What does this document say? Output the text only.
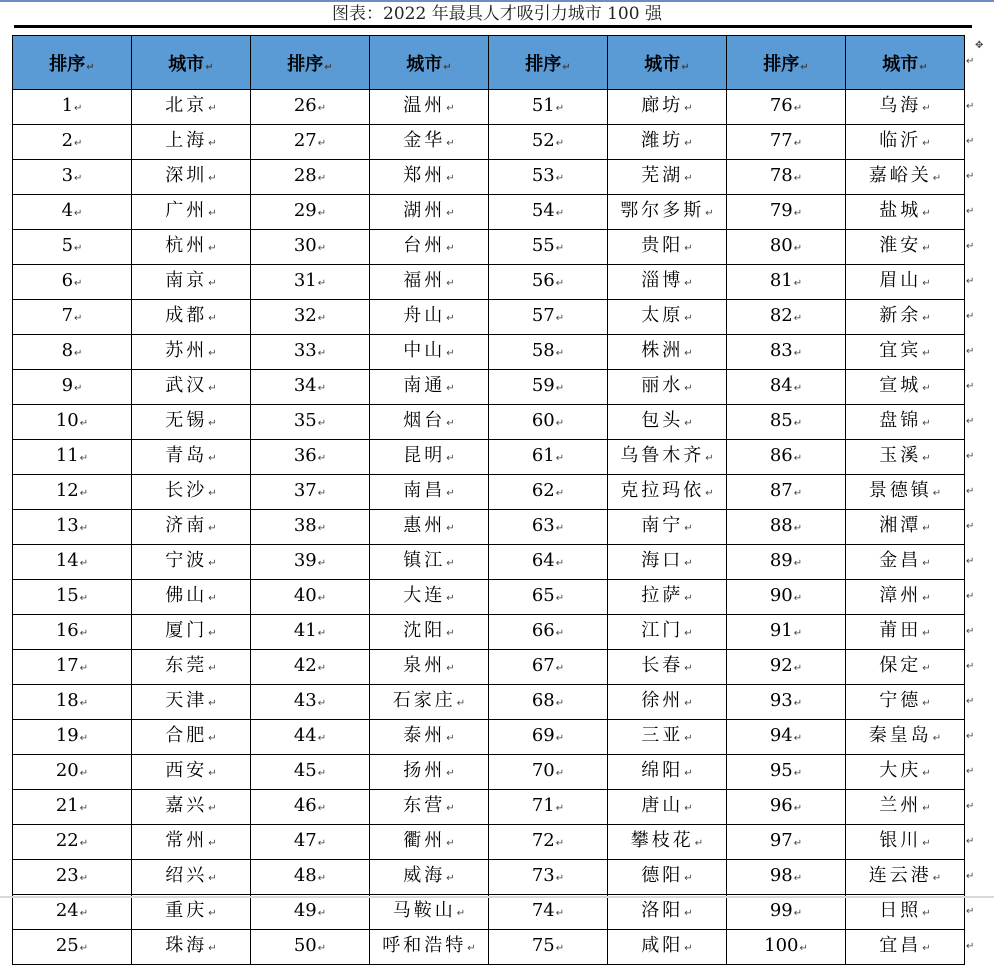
图表：2022 年最具人才吸引力城市 100 强
✥
排序↵	城市↵	排序↵	城市↵	排序↵	城市↵	排序↵	城市↵
1↵	北京↵	26↵	温州↵	51↵	廊坊↵	76↵	乌海↵
2↵	上海↵	27↵	金华↵	52↵	潍坊↵	77↵	临沂↵
3↵	深圳↵	28↵	郑州↵	53↵	芜湖↵	78↵	嘉峪关↵
4↵	广州↵	29↵	湖州↵	54↵	鄂尔多斯↵	79↵	盐城↵
5↵	杭州↵	30↵	台州↵	55↵	贵阳↵	80↵	淮安↵
6↵	南京↵	31↵	福州↵	56↵	淄博↵	81↵	眉山↵
7↵	成都↵	32↵	舟山↵	57↵	太原↵	82↵	新余↵
8↵	苏州↵	33↵	中山↵	58↵	株洲↵	83↵	宜宾↵
9↵	武汉↵	34↵	南通↵	59↵	丽水↵	84↵	宣城↵
10↵	无锡↵	35↵	烟台↵	60↵	包头↵	85↵	盘锦↵
11↵	青岛↵	36↵	昆明↵	61↵	乌鲁木齐↵	86↵	玉溪↵
12↵	长沙↵	37↵	南昌↵	62↵	克拉玛依↵	87↵	景德镇↵
13↵	济南↵	38↵	惠州↵	63↵	南宁↵	88↵	湘潭↵
14↵	宁波↵	39↵	镇江↵	64↵	海口↵	89↵	金昌↵
15↵	佛山↵	40↵	大连↵	65↵	拉萨↵	90↵	漳州↵
16↵	厦门↵	41↵	沈阳↵	66↵	江门↵	91↵	莆田↵
17↵	东莞↵	42↵	泉州↵	67↵	长春↵	92↵	保定↵
18↵	天津↵	43↵	石家庄↵	68↵	徐州↵	93↵	宁德↵
19↵	合肥↵	44↵	泰州↵	69↵	三亚↵	94↵	秦皇岛↵
20↵	西安↵	45↵	扬州↵	70↵	绵阳↵	95↵	大庆↵
21↵	嘉兴↵	46↵	东营↵	71↵	唐山↵	96↵	兰州↵
22↵	常州↵	47↵	衢州↵	72↵	攀枝花↵	97↵	银川↵
23↵	绍兴↵	48↵	威海↵	73↵	德阳↵	98↵	连云港↵
24↵	重庆↵	49↵	马鞍山↵	74↵	洛阳↵	99↵	日照↵
25↵	珠海↵	50↵	呼和浩特↵	75↵	咸阳↵	100↵	宜昌↵
↵
↵
↵
↵
↵
↵
↵
↵
↵
↵
↵
↵
↵
↵
↵
↵
↵
↵
↵
↵
↵
↵
↵
↵
↵
↵
